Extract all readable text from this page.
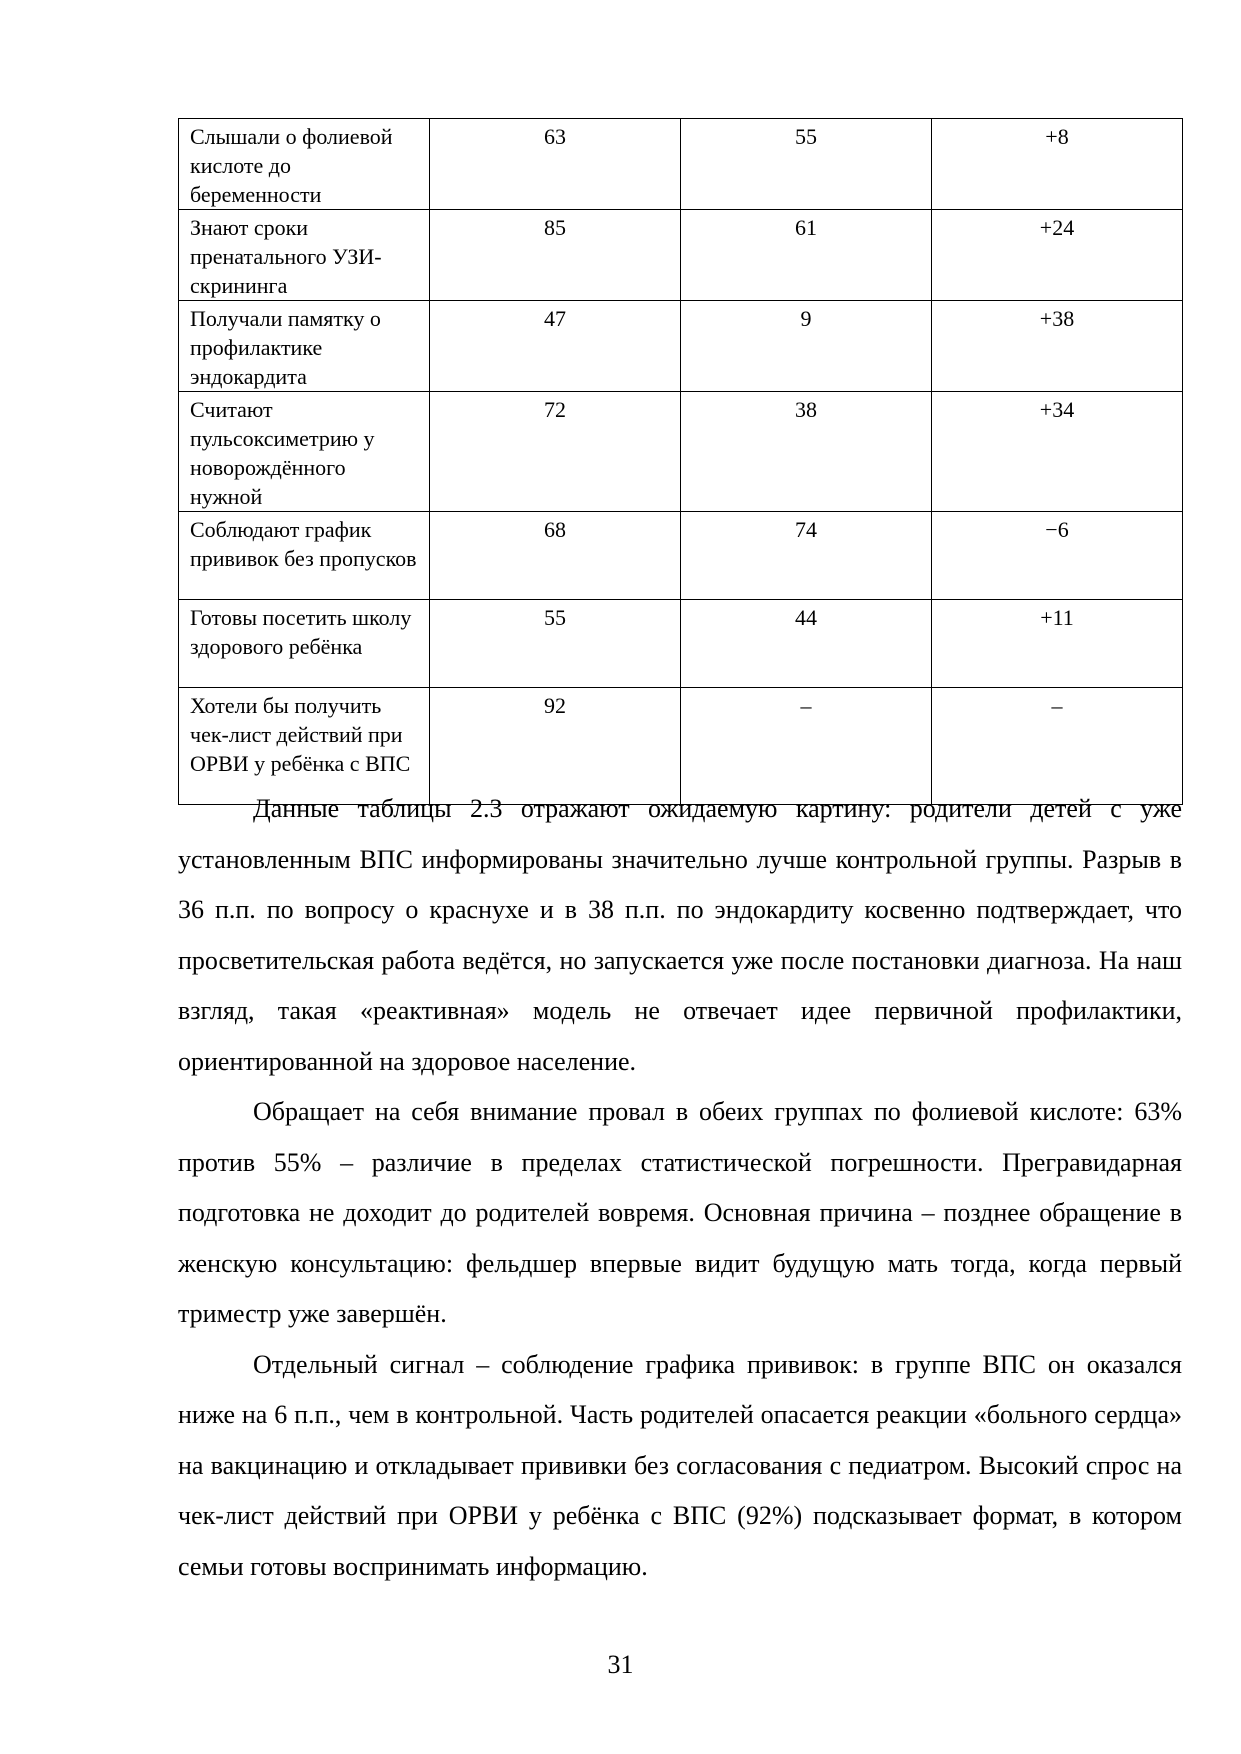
Слышали о фолиевой кислоте до беременности	63	55	+8
Знают сроки пренатального УЗИ-скрининга	85	61	+24
Получали памятку о профилактике эндокардита	47	9	+38
Считают пульсоксиметрию у новорождённого нужной	72	38	+34
Соблюдают график прививок без пропусков	68	74	−6
Готовы посетить школу здорового ребёнка	55	44	+11
Хотели бы получить чек-лист действий при ОРВИ у ребёнка с ВПС	92	–	–

Данные таблицы 2.3 отражают ожидаемую картину: родители детей с уже установленным ВПС информированы значительно лучше контрольной группы. Разрыв в 36 п.п. по вопросу о краснухе и в 38 п.п. по эндокардиту косвенно подтверждает, что просветительская работа ведётся, но запускается уже после постановки диагноза. На наш взгляд, такая «реактивная» модель не отвечает идее первичной профилактики, ориентированной на здоровое население.

Обращает на себя внимание провал в обеих группах по фолиевой кислоте: 63% против 55% – различие в пределах статистической погрешности. Прегравидарная подготовка не доходит до родителей вовремя. Основная причина – позднее обращение в женскую консультацию: фельдшер впервые видит будущую мать тогда, когда первый триместр уже завершён.

Отдельный сигнал – соблюдение графика прививок: в группе ВПС он оказался ниже на 6 п.п., чем в контрольной. Часть родителей опасается реакции «больного сердца» на вакцинацию и откладывает прививки без согласования с педиатром. Высокий спрос на чек-лист действий при ОРВИ у ребёнка с ВПС (92%) подсказывает формат, в котором семьи готовы воспринимать информацию.

31
